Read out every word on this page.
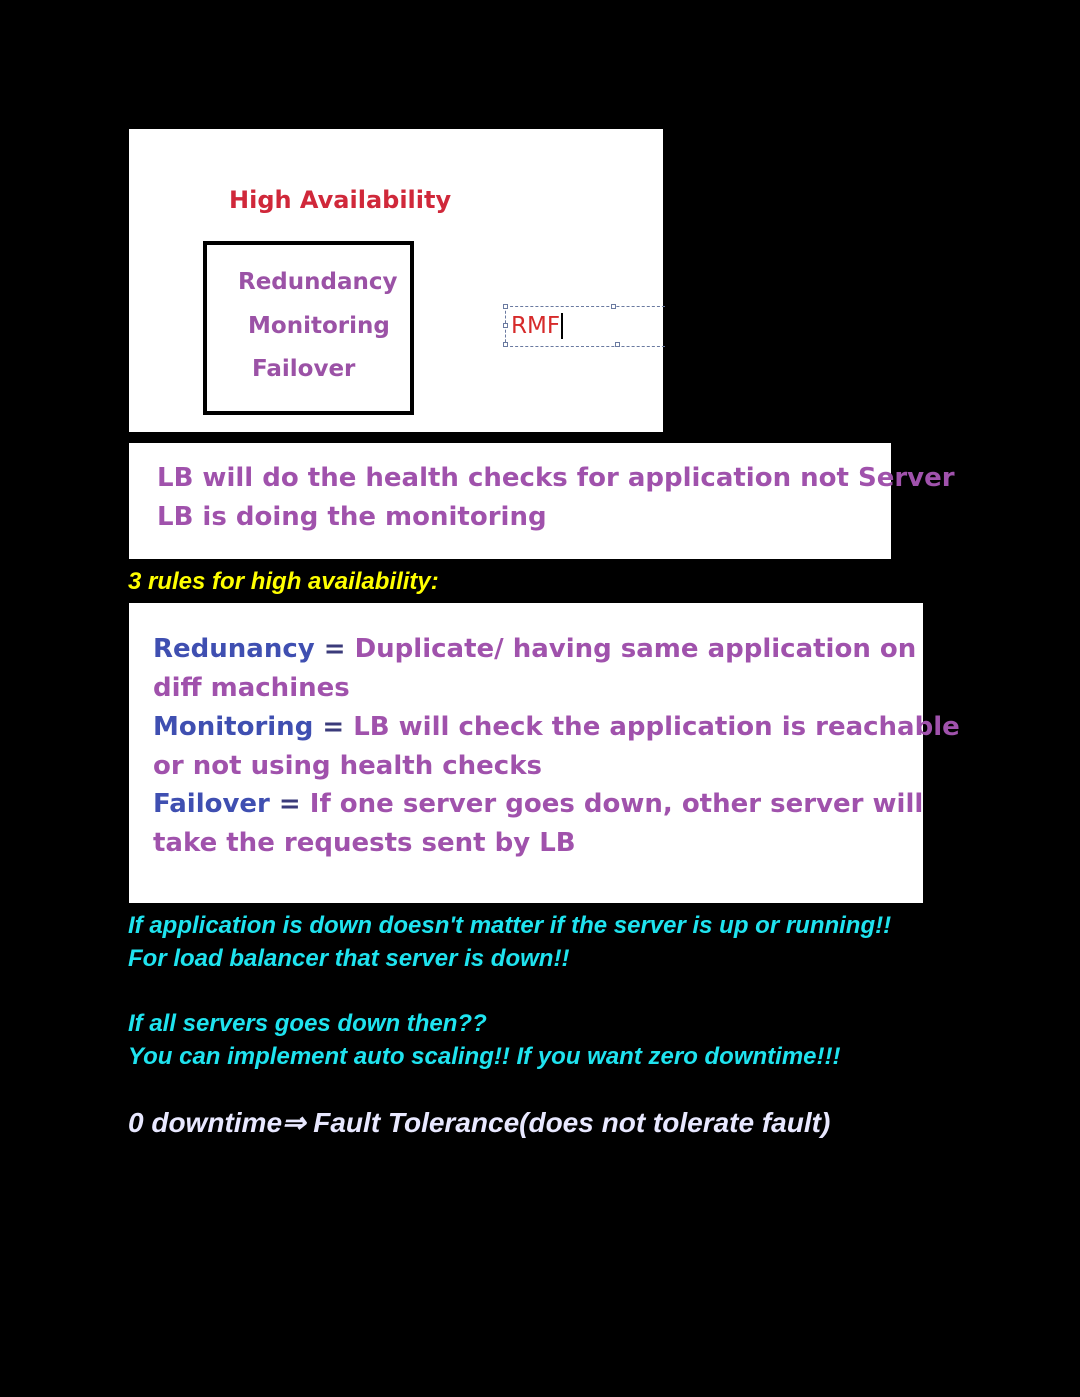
High Availability
Redundancy
Monitoring
Failover
RMF
LB will do the health checks for application not Server
LB is doing the monitoring
3 rules for high availability:
Redunancy = Duplicate/ having same application on
diff machines
Monitoring = LB will check the application is reachable
or not using health checks
Failover = If one server goes down, other server will
take the requests sent by LB
If application is down doesn't matter if the server is up or running!!
For load balancer that server is down!!
If all servers goes down then??
You can implement auto scaling!! If you want zero downtime!!!
0 downtime⇒ Fault Tolerance(does not tolerate fault)
